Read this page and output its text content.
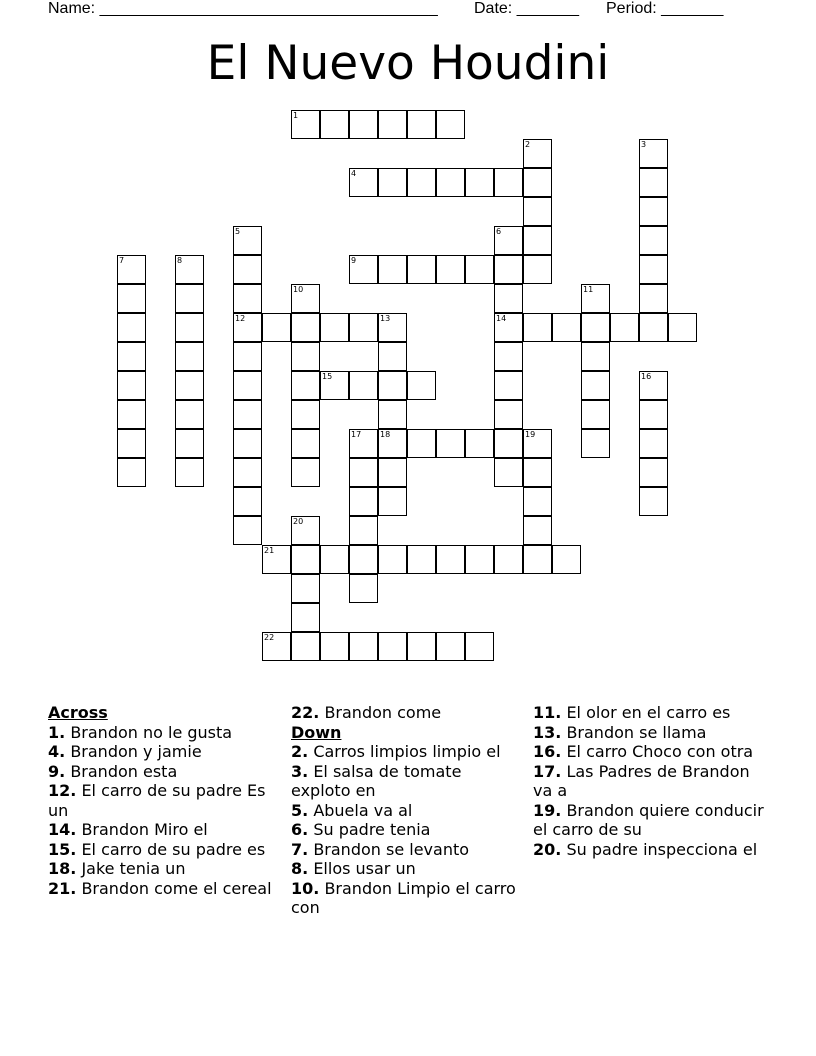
Name: ______________________________________ Date: _______ Period: _______
El Nuevo Houdini
1
4
9
12	13	14
15
18
21
22
2	3
5	6
7	8
10	11
16
17	19
20
Across
1. Brandon no le gusta
4. Brandon y jamie
9. Brandon esta
12. El carro de su padre Es un
14. Brandon Miro el
15. El carro de su padre es
18. Jake tenia un
21. Brandon come el cereal
22. Brandon come
Down
2. Carros limpios limpio el
3. El salsa de tomate exploto en
5. Abuela va al
6. Su padre tenia
7. Brandon se levanto
8. Ellos usar un
10. Brandon Limpio el carro con
11. El olor en el carro es
13. Brandon se llama
16. El carro Choco con otra
17. Las Padres de Brandon va a
19. Brandon quiere conducir el carro de su
20. Su padre inspecciona el
